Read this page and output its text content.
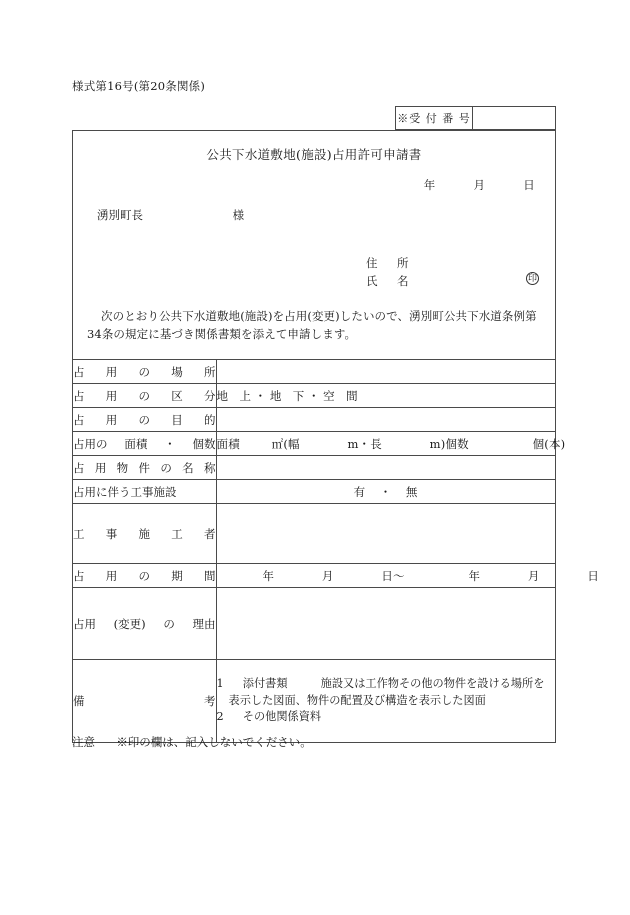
様式第16号(第20条関係)
※受 付 番 号
公共下水道敷地(施設)占用許可申請書
年	月	日
湧別町長	様
住　所
氏　名	印
次のとおり公共下水道敷地(施設)を占用(変更)したいので、湧別町公共下水道条例第34条の規定に基づき関係書類を添えて申請します。
占 用 の 場 所	

占 用 の 区 分	地　上 ・ 地　下 ・ 空　間

占 用 の 目 的	

占用の 面積 ・ 個数	面積 ㎡(幅 m・長 m)個数 個(本)

占 用 物 件 の 名 称

占用に伴う工事施設	有 ・ 無

工 事 施 工 者	

占 用 の 期 間	年 月 日～ 年 月 日

占用 (変更) の 理由	

備	考

1 添付書類	施設又は工作物その他の物件を設ける場所を
表示した図面、物件の配置及び構造を表示した図面
2 その他関係資料
注意 ※印の欄は、記入しないでください。
